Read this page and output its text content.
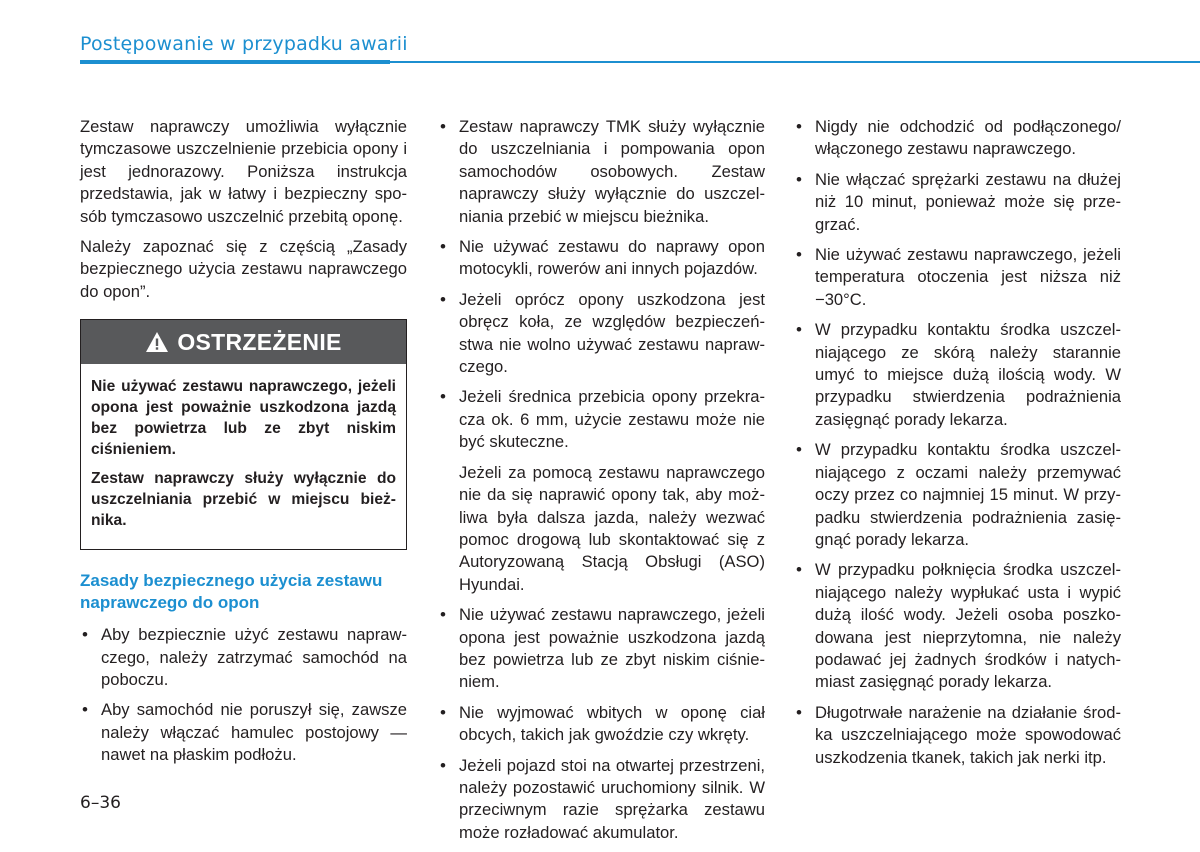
Postępowanie w przypadku awarii

Zestaw naprawczy umożliwia wyłącznie tymczasowe uszczelnienie przebicia opony i jest jednorazowy. Poniższa instrukcja przedstawia, jak w łatwy i bezpieczny sposób tymczasowo uszczelnić przebitą oponę.

Należy zapoznać się z częścią „Zasady bezpiecznego użycia zestawu naprawczego do opon”.

OSTRZEŻENIE

Nie używać zestawu naprawczego, jeżeli opona jest poważnie uszkodzona jazdą bez powietrza lub ze zbyt niskim ciśnieniem.

Zestaw naprawczy służy wyłącznie do uszczelniania przebić w miejscu bieżnika.

Zasady bezpiecznego użycia zestawu naprawczego do opon
• Aby bezpiecznie użyć zestawu naprawczego, należy zatrzymać samochód na poboczu.
• Aby samochód nie poruszył się, zawsze należy włączać hamulec postojowy — nawet na płaskim podłożu.
• Zestaw naprawczy TMK służy wyłącznie do uszczelniania i pompowania opon samochodów osobowych. Zestaw naprawczy służy wyłącznie do uszczelniania przebić w miejscu bieżnika.
• Nie używać zestawu do naprawy opon motocykli, rowerów ani innych pojazdów.
• Jeżeli oprócz opony uszkodzona jest obręcz koła, ze względów bezpieczeństwa nie wolno używać zestawu naprawczego.
• Jeżeli średnica przebicia opony przekracza ok. 6 mm, użycie zestawu może nie być skuteczne.
Jeżeli za pomocą zestawu naprawczego nie da się naprawić opony tak, aby możliwa była dalsza jazda, należy wezwać pomoc drogową lub skontaktować się z Autoryzowaną Stacją Obsługi (ASO) Hyundai.
• Nie używać zestawu naprawczego, jeżeli opona jest poważnie uszkodzona jazdą bez powietrza lub ze zbyt niskim ciśnieniem.
• Nie wyjmować wbitych w oponę ciał obcych, takich jak gwoździe czy wkręty.
• Jeżeli pojazd stoi na otwartej przestrzeni, należy pozostawić uruchomiony silnik. W przeciwnym razie sprężarka zestawu może rozładować akumulator.
• Nigdy nie odchodzić od podłączonego/ włączonego zestawu naprawczego.
• Nie włączać sprężarki zestawu na dłużej niż 10 minut, ponieważ może się przegrzać.
• Nie używać zestawu naprawczego, jeżeli temperatura otoczenia jest niższa niż −30°C.
• W przypadku kontaktu środka uszczelniającego ze skórą należy starannie umyć to miejsce dużą ilością wody. W przypadku stwierdzenia podrażnienia zasięgnąć porady lekarza.
• W przypadku kontaktu środka uszczelniającego z oczami należy przemywać oczy przez co najmniej 15 minut. W przypadku stwierdzenia podrażnienia zasięgnąć porady lekarza.
• W przypadku połknięcia środka uszczelniającego należy wypłukać usta i wypić dużą ilość wody. Jeżeli osoba poszkodowana jest nieprzytomna, nie należy podawać jej żadnych środków i natychmiast zasięgnąć porady lekarza.
• Długotrwałe narażenie na działanie środka uszczelniającego może spowodować uszkodzenia tkanek, takich jak nerki itp.
6–36
